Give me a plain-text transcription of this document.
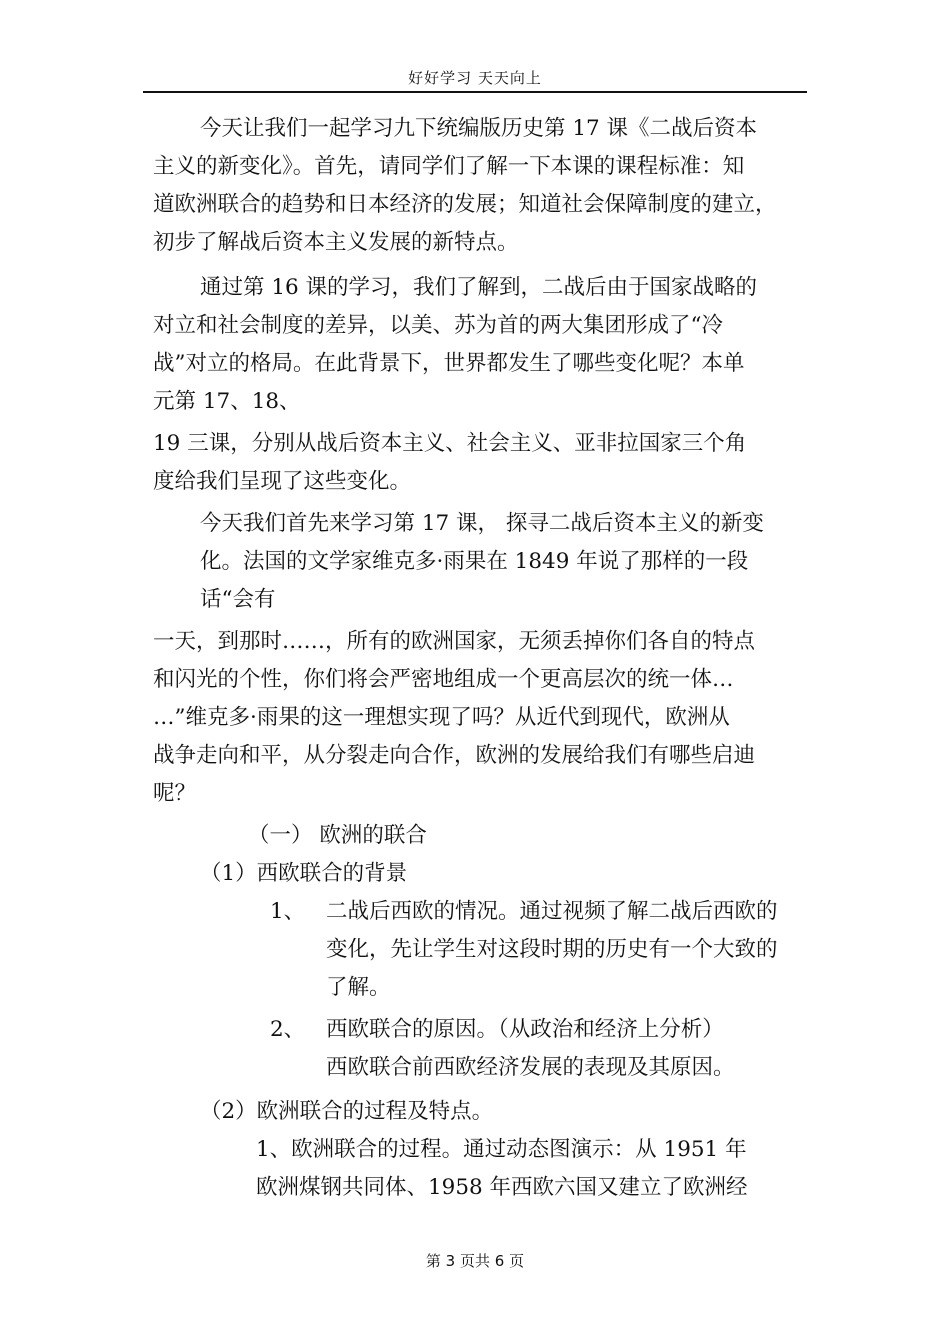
好好学习 天天向上
今天让我们一起学习九下统编版历史第 17 课《二战后资本
主义的新变化》。首先，请同学们了解一下本课的课程标准：知
道欧洲联合的趋势和日本经济的发展；知道社会保障制度的建立，
初步了解战后资本主义发展的新特点。
通过第 16 课的学习，我们了解到，二战后由于国家战略的
对立和社会制度的差异，以美、苏为首的两大集团形成了“冷
战”对立的格局。在此背景下，世界都发生了哪些变化呢？本单
元第 17、18、
19 三课，分别从战后资本主义、社会主义、亚非拉国家三个角
度给我们呈现了这些变化。
今天我们首先来学习第 17 课， 探寻二战后资本主义的新变
化。法国的文学家维克多·雨果在 1849 年说了那样的一段
话“会有
一天，到那时……，所有的欧洲国家，无须丢掉你们各自的特点
和闪光的个性，你们将会严密地组成一个更高层次的统一体…
…”维克多·雨果的这一理想实现了吗？从近代到现代，欧洲从
战争走向和平，从分裂走向合作，欧洲的发展给我们有哪些启迪
呢？
（一） 欧洲的联合
（1）西欧联合的背景
1、 二战后西欧的情况。通过视频了解二战后西欧的
变化，先让学生对这段时期的历史有一个大致的
了解。
2、 西欧联合的原因。（从政治和经济上分析）
西欧联合前西欧经济发展的表现及其原因。
（2）欧洲联合的过程及特点。
1、欧洲联合的过程。通过动态图演示：从 1951 年
欧洲煤钢共同体、1958 年西欧六国又建立了欧洲经
第 3 页共 6 页
